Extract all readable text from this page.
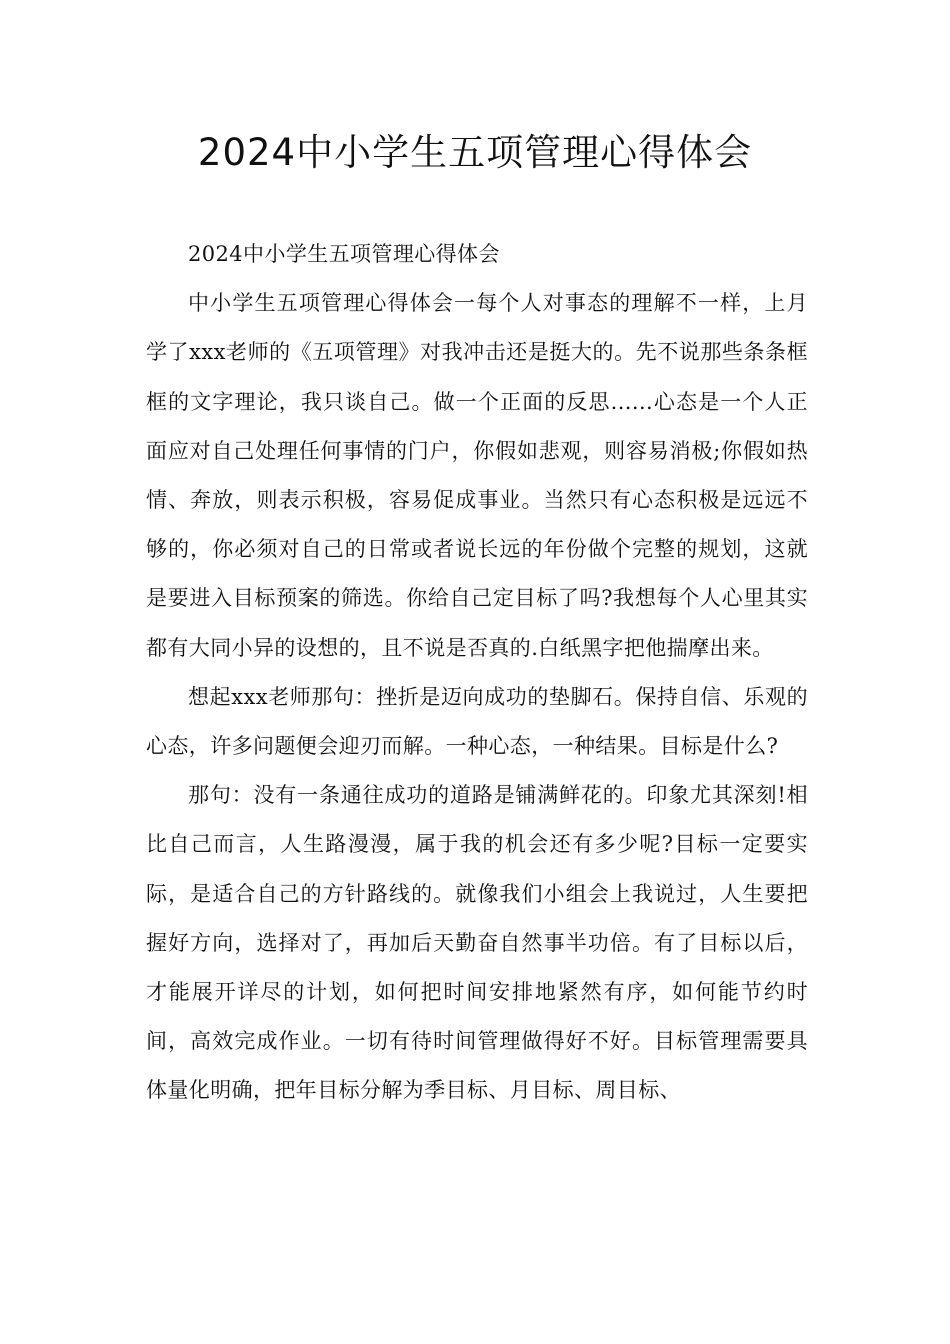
2024中小学生五项管理心得体会

2024中小学生五项管理心得体会

中小学生五项管理心得体会一每个人对事态的理解不一样，上月学了xxx老师的《五项管理》对我冲击还是挺大的。先不说那些条条框框的文字理论，我只谈自己。做一个正面的反思......心态是一个人正面应对自己处理任何事情的门户，你假如悲观，则容易消极;你假如热情、奔放，则表示积极，容易促成事业。当然只有心态积极是远远不够的，你必须对自己的日常或者说长远的年份做个完整的规划，这就是要进入目标预案的筛选。你给自己定目标了吗?我想每个人心里其实都有大同小异的设想的，且不说是否真的.白纸黑字把他揣摩出来。

想起xxx老师那句：挫折是迈向成功的垫脚石。保持自信、乐观的心态，许多问题便会迎刃而解。一种心态，一种结果。目标是什么?

那句：没有一条通往成功的道路是铺满鲜花的。印象尤其深刻!相比自己而言，人生路漫漫，属于我的机会还有多少呢?目标一定要实际，是适合自己的方针路线的。就像我们小组会上我说过，人生要把握好方向，选择对了，再加后天勤奋自然事半功倍。有了目标以后，才能展开详尽的计划，如何把时间安排地紧然有序，如何能节约时间，高效完成作业。一切有待时间管理做得好不好。目标管理需要具体量化明确，把年目标分解为季目标、月目标、周目标、
